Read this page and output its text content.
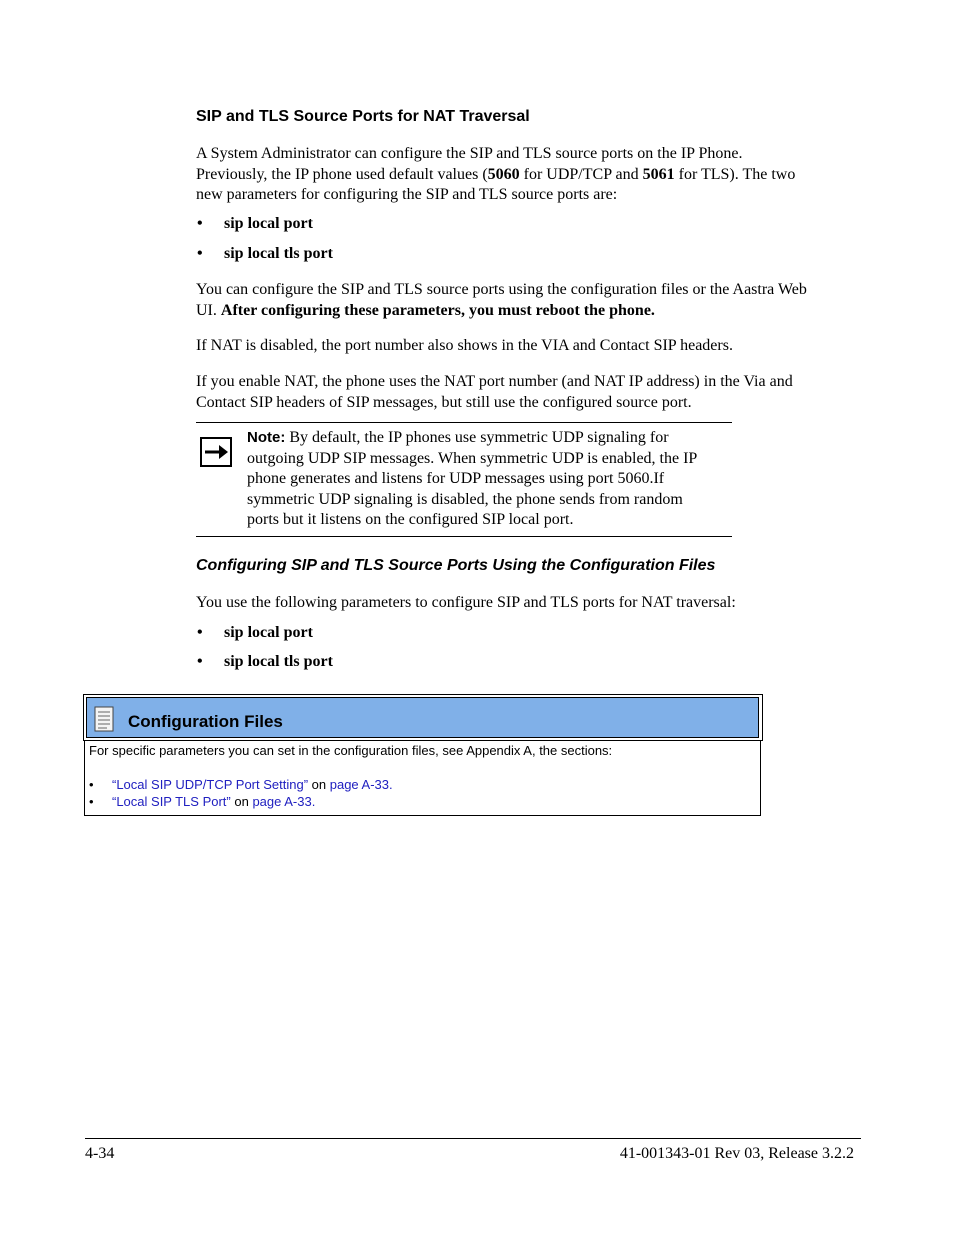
SIP and TLS Source Ports for NAT Traversal
A System Administrator can configure the SIP and TLS source ports on the IP Phone.
Previously, the IP phone used default values (5060 for UDP/TCP and 5061 for TLS). The two
new parameters for configuring the SIP and TLS source ports are:
• sip local port
• sip local tls port
You can configure the SIP and TLS source ports using the configuration files or the Aastra Web
UI. After configuring these parameters, you must reboot the phone.
If NAT is disabled, the port number also shows in the VIA and Contact SIP headers.
If you enable NAT, the phone uses the NAT port number (and NAT IP address) in the Via and
Contact SIP headers of SIP messages, but still use the configured source port.
Note: By default, the IP phones use symmetric UDP signaling for
outgoing UDP SIP messages. When symmetric UDP is enabled, the IP
phone generates and listens for UDP messages using port 5060.If
symmetric UDP signaling is disabled, the phone sends from random
ports but it listens on the configured SIP local port.
Configuring SIP and TLS Source Ports Using the Configuration Files
You use the following parameters to configure SIP and TLS ports for NAT traversal:
• sip local port
• sip local tls port
Configuration Files
For specific parameters you can set in the configuration files, see Appendix A, the sections:
• “Local SIP UDP/TCP Port Setting” on page A-33.
• “Local SIP TLS Port” on page A-33.
4-34	41-001343-01 Rev 03, Release 3.2.2
